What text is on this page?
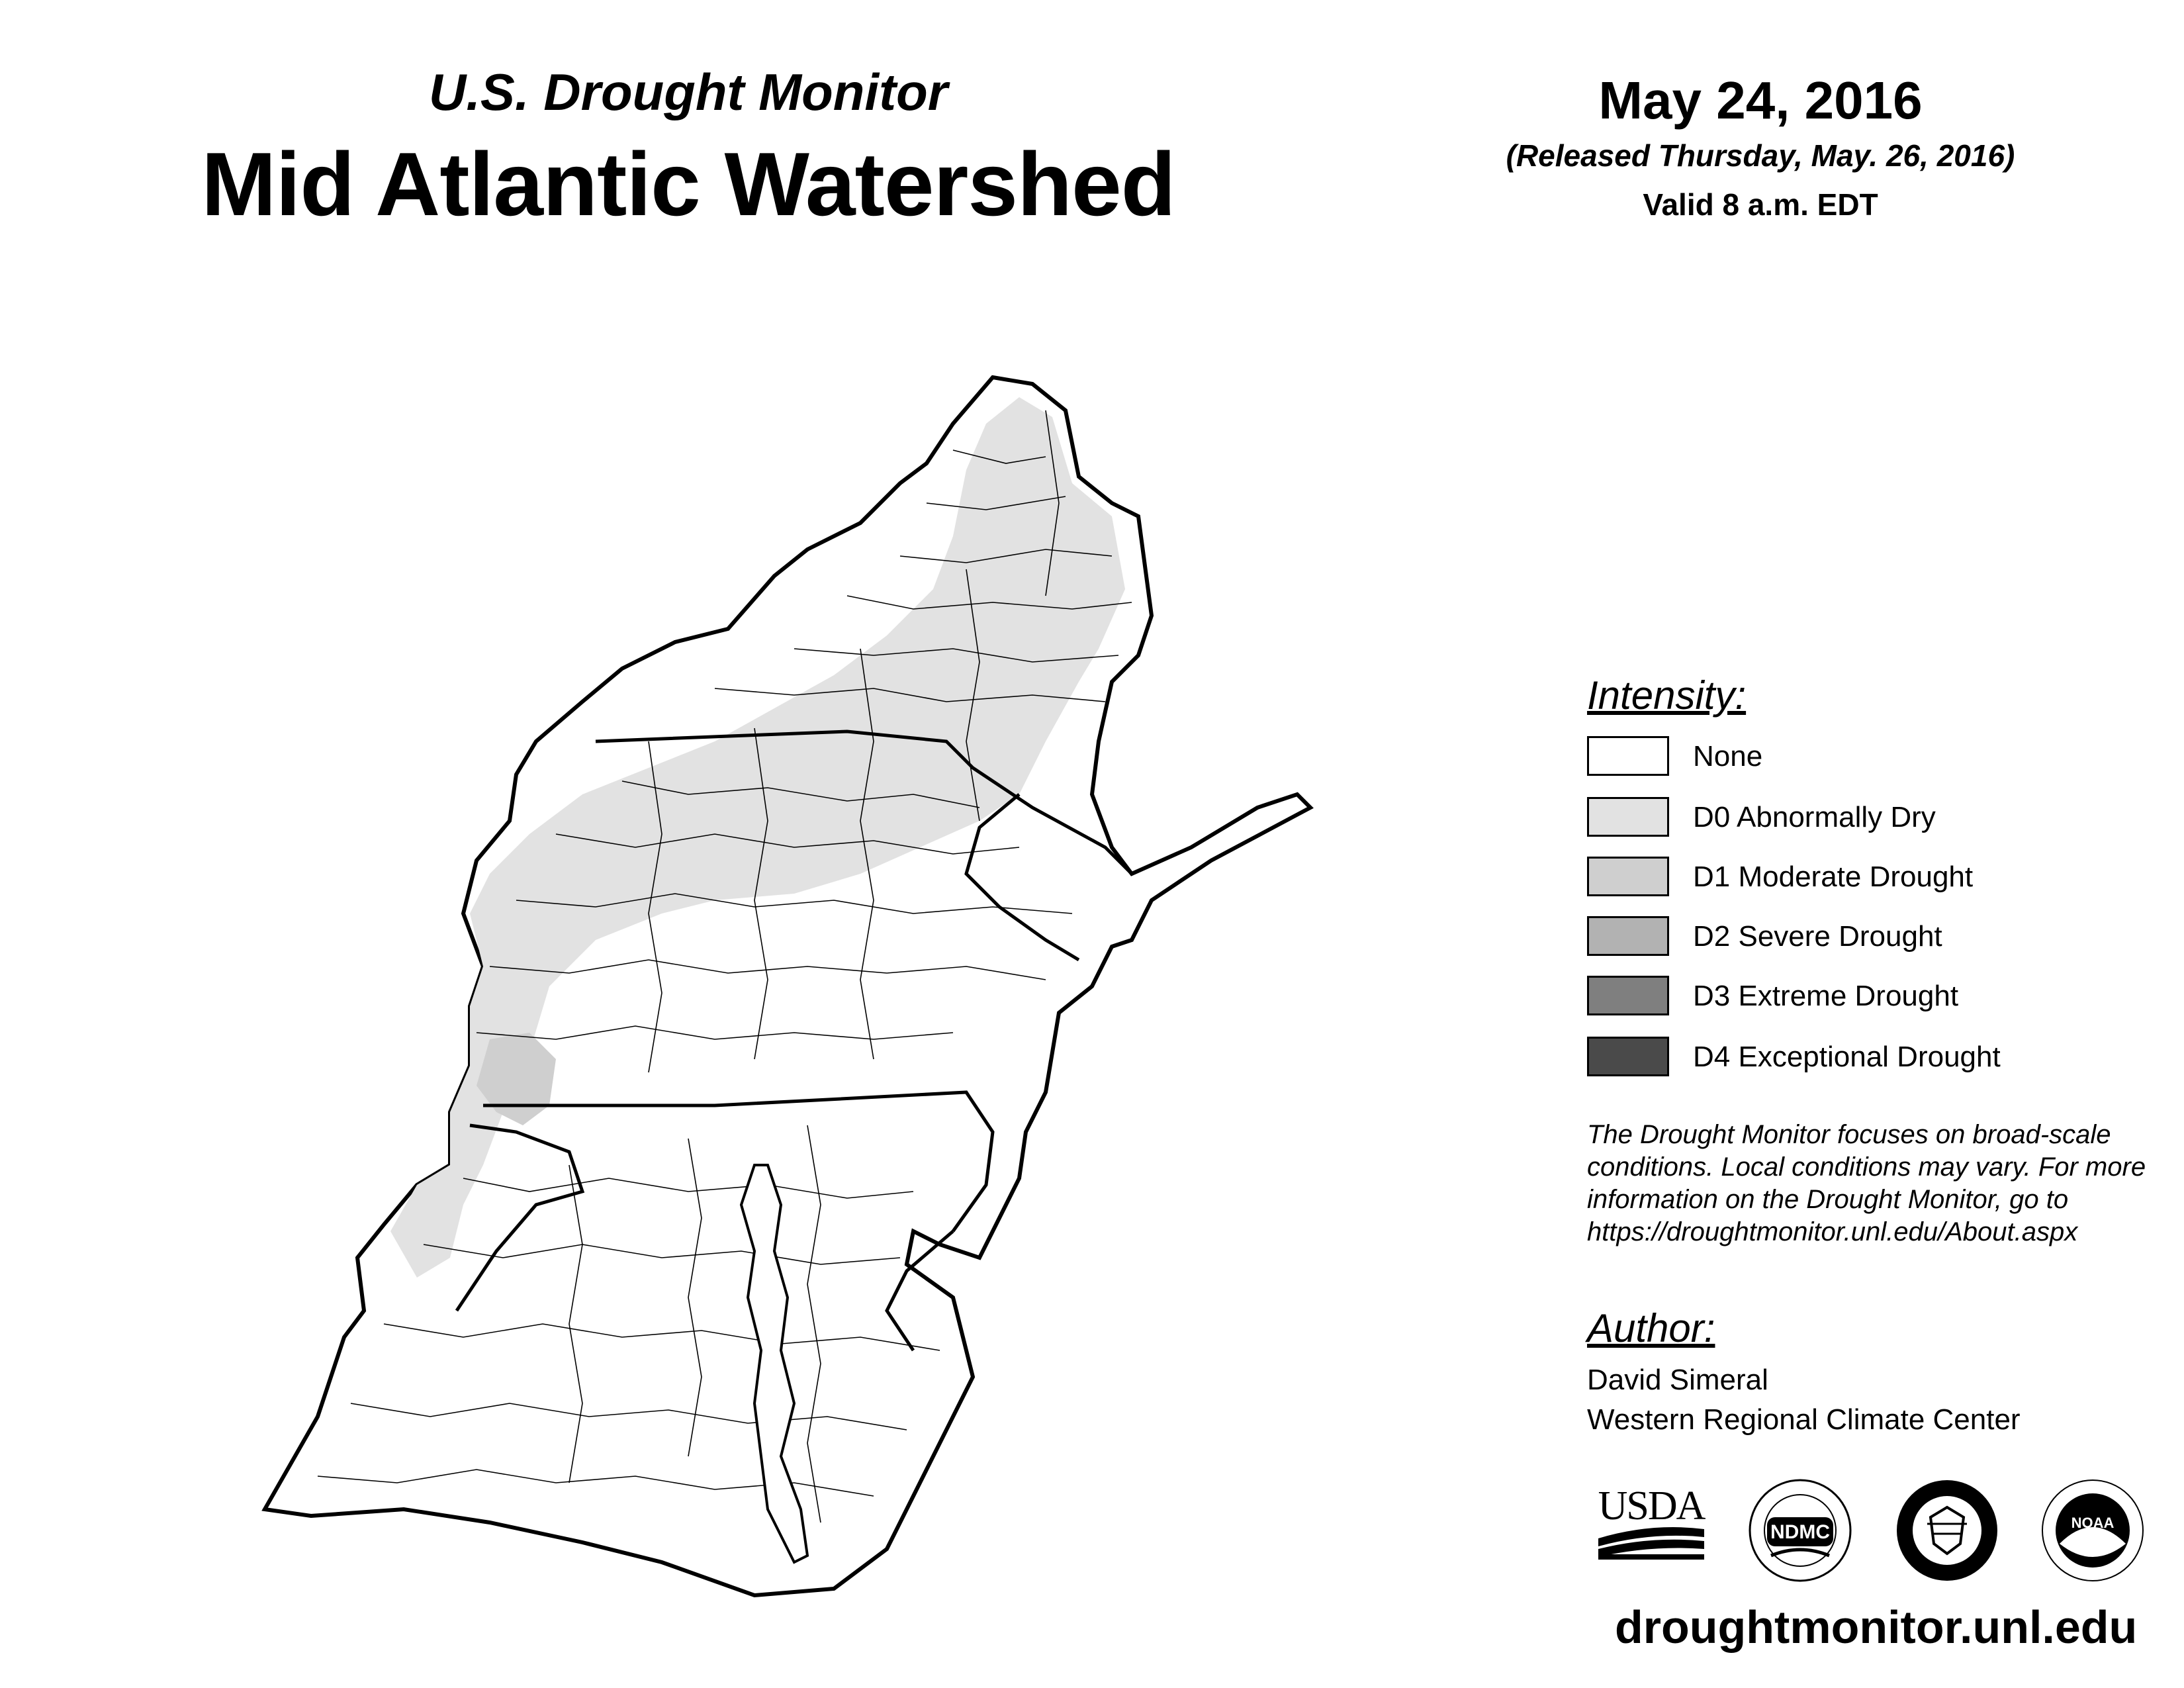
U.S. Drought Monitor
Mid Atlantic Watershed
May 24, 2016
(Released Thursday, May. 26, 2016)
Valid 8 a.m. EDT
Intensity:
None
D0 Abnormally Dry
D1 Moderate Drought
D2 Severe Drought
D3 Extreme Drought
D4 Exceptional Drought
The Drought Monitor focuses on broad-scale
conditions. Local conditions may vary. For more
information on the Drought Monitor, go to
https://droughtmonitor.unl.edu/About.aspx
Author:
David Simeral
Western Regional Climate Center
USDA
NDMC	NOAA
droughtmonitor.unl.edu
